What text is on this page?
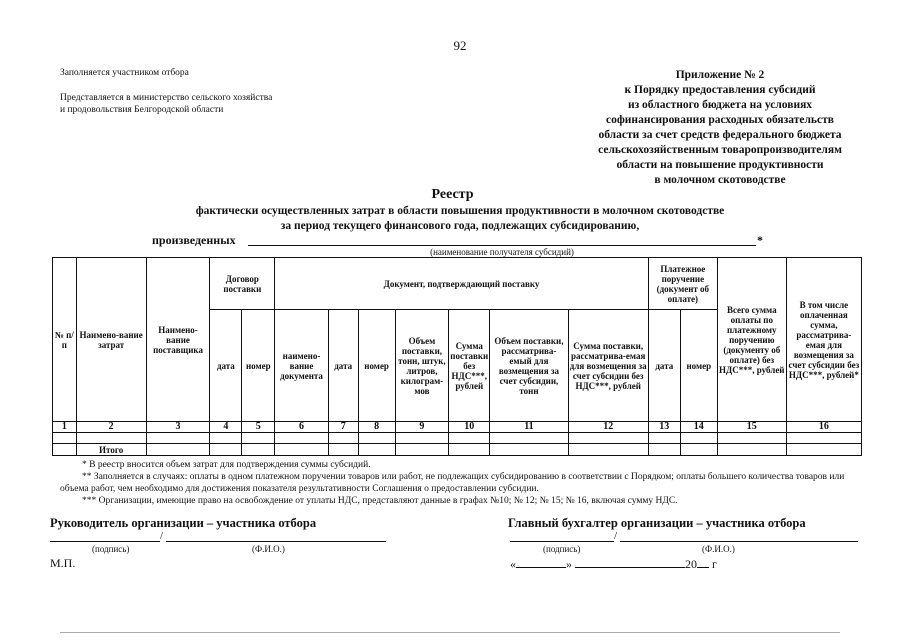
92
Заполняется участником отбора
Представляется в министерство сельского хозяйства
и продовольствия Белгородской области
Приложение № 2
к Порядку предоставления субсидий
из областного бюджета на условиях
софинансирования расходных обязательств
области за счет средств федерального бюджета
сельскохозяйственным товаропроизводителям
области на повышение продуктивности
в молочном скотоводстве
Реестр
фактически осуществленных затрат в области повышения продуктивности в молочном скотоводстве
за период текущего финансового года, подлежащих субсидированию,
произведенных	*
(наименование получателя субсидий)
№ п/п	Наимено-вание затрат	Наимено-вание поставщика	Договор поставки		Документ, подтверждающий поставку							Платежное поручение (документ об оплате)		Всего сумма оплаты по платежному поручению (документу об оплате) без НДС***, рублей	В том числе оплаченная сумма, рассматрива-емая для возмещения за счет субсидии без НДС***, рублей*
			дата	номер	наимено-вание документа	дата	номер	Объем поставки, тонн, штук, литров, килограм-мов	Сумма поставки без НДС***, рублей	Объем поставки, рассматрива-емый для возмещения за счет субсидии, тонн	Сумма поставки, рассматрива-емая для возмещения за счет субсидии без НДС***, рублей	дата	номер		
1	2	3	4	5	6	7	8	9	10	11	12	13	14	15	16

	Итого														
* В реестр вносится объем затрат для подтверждения суммы субсидий.
** Заполняется в случаях: оплаты в одном платежном поручении товаров или работ, не подлежащих субсидированию в соответствии с Порядком; оплаты большего количества товаров или объема работ, чем необходимо для достижения показателя результативности Соглашения о предоставлении субсидии.
*** Организации, имеющие право на освобождение от уплаты НДС, представляют данные в графах №10; № 12; № 15; № 16, включая сумму НДС.
Руководитель организации – участника отбора
/
(подпись)	(Ф.И.О.)
М.П.
Главный бухгалтер организации – участника отбора
/
(подпись)	(Ф.И.О.)
«	»	20 г
